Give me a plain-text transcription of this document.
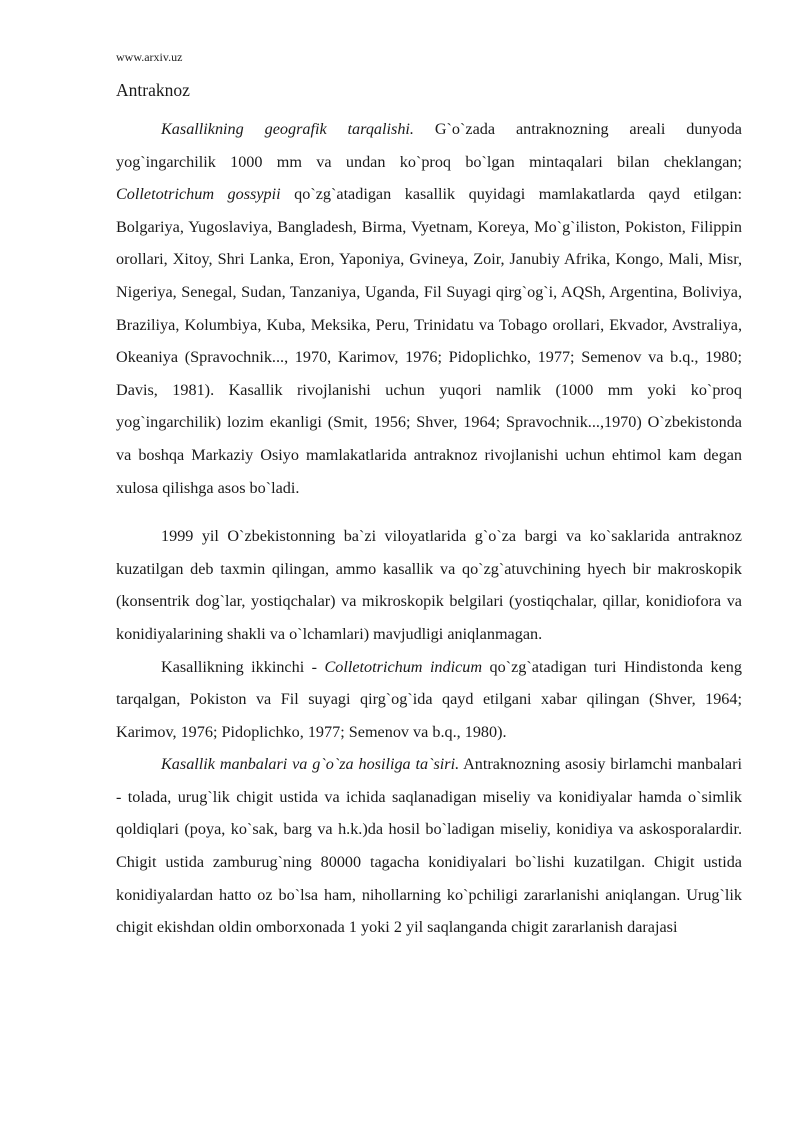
www.arxiv.uz
Antraknoz

Kasallikning geografik tarqalishi. G`o`zada antraknozning areali dunyoda yog`ingarchilik 1000 mm va undan ko`proq bo`lgan mintaqalari bilan cheklangan; Colletotrichum gossypii qo`zg`atadigan kasallik quyidagi mamlakatlarda qayd etilgan: Bolgariya, Yugoslaviya, Bangladesh, Birma, Vyetnam, Koreya, Mo`g`iliston, Pokiston, Filippin orollari, Xitoy, Shri Lanka, Eron, Yaponiya, Gvineya, Zoir, Janubiy Afrika, Kongo, Mali, Misr, Nigeriya, Senegal, Sudan, Tanzaniya, Uganda, Fil Suyagi qirg`og`i, AQSh, Argentina, Boliviya, Braziliya, Kolumbiya, Kuba, Meksika, Peru, Trinidatu va Tobago orollari, Ekvador, Avstraliya, Okeaniya (Spravochnik..., 1970, Karimov, 1976; Pidoplichko, 1977; Semenov va b.q., 1980; Davis, 1981). Kasallik rivojlanishi uchun yuqori namlik (1000 mm yoki ko`proq yog`ingarchilik) lozim ekanligi (Smit, 1956; Shver, 1964; Spravochnik...,1970) O`zbekistonda va boshqa Markaziy Osiyo mamlakatlarida antraknoz rivojlanishi uchun ehtimol kam degan xulosa qilishga asos bo`ladi.

1999 yil O`zbekistonning ba`zi viloyatlarida g`o`za bargi va ko`saklarida antraknoz kuzatilgan deb taxmin qilingan, ammo kasallik va qo`zg`atuvchining hyech bir makroskopik (konsentrik dog`lar, yostiqchalar) va mikroskopik belgilari (yostiqchalar, qillar, konidiofora va konidiyalarining shakli va o`lchamlari) mavjudligi aniqlanmagan.

Kasallikning ikkinchi - Colletotrichum indicum qo`zg`atadigan turi Hindistonda keng tarqalgan, Pokiston va Fil suyagi qirg`og`ida qayd etilgani xabar qilingan (Shver, 1964; Karimov, 1976; Pidoplichko, 1977; Semenov va b.q., 1980).

Kasallik manbalari va g`o`za hosiliga ta`siri. Antraknozning asosiy birlamchi manbalari - tolada, urug`lik chigit ustida va ichida saqlanadigan miseliy va konidiyalar hamda o`simlik qoldiqlari (poya, ko`sak, barg va h.k.)da hosil bo`ladigan miseliy, konidiya va askosporalardir. Chigit ustida zamburug`ning 80000 tagacha konidiyalari bo`lishi kuzatilgan. Chigit ustida konidiyalardan hatto oz bo`lsa ham, nihollarning ko`pchiligi zararlanishi aniqlangan. Urug`lik chigit ekishdan oldin omborxonada 1 yoki 2 yil saqlanganda chigit zararlanish darajasi
